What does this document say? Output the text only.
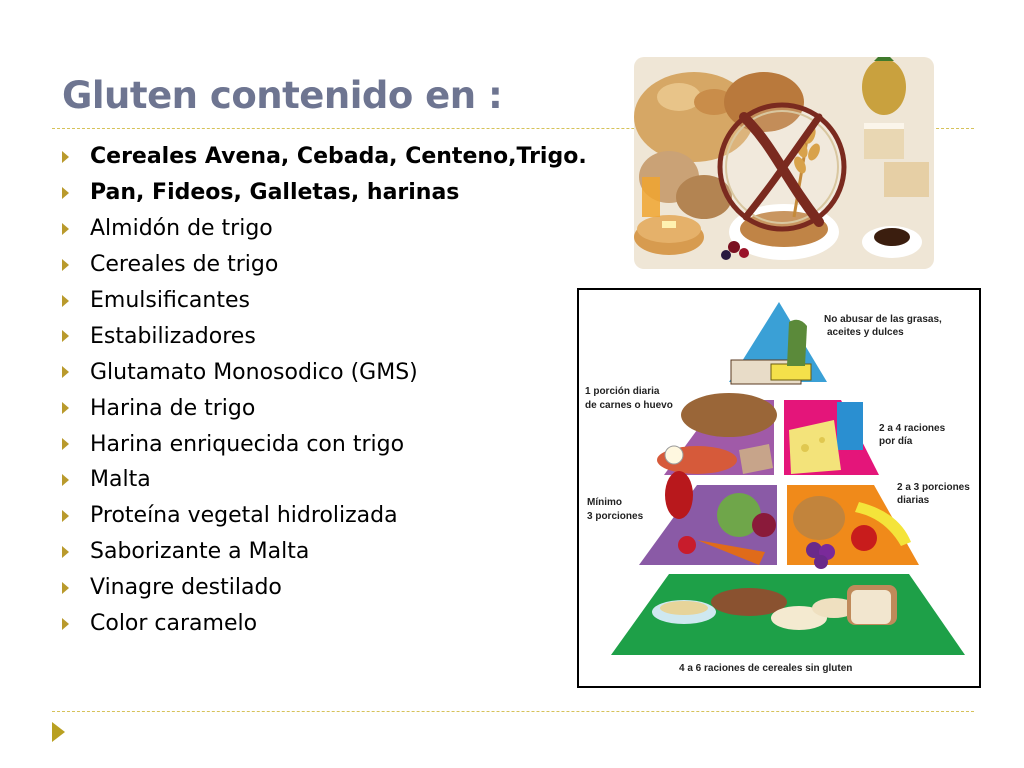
Gluten contenido en :
Cereales Avena, Cebada, Centeno,Trigo.
Pan, Fideos, Galletas, harinas
Almidón de trigo
Cereales de trigo
Emulsificantes
Estabilizadores
Glutamato Monosodico (GMS)
Harina de trigo
Harina enriquecida con trigo
Malta
Proteína vegetal hidrolizada
Saborizante a Malta
Vinagre destilado
Color caramelo
No abusar de las grasas,
aceites y dulces
1 porción diaria
de carnes o huevo
2 a 4 raciones
por día
2 a 3 porciones
diarias
Mínimo
3 porciones
4 a 6 raciones de cereales sin gluten
